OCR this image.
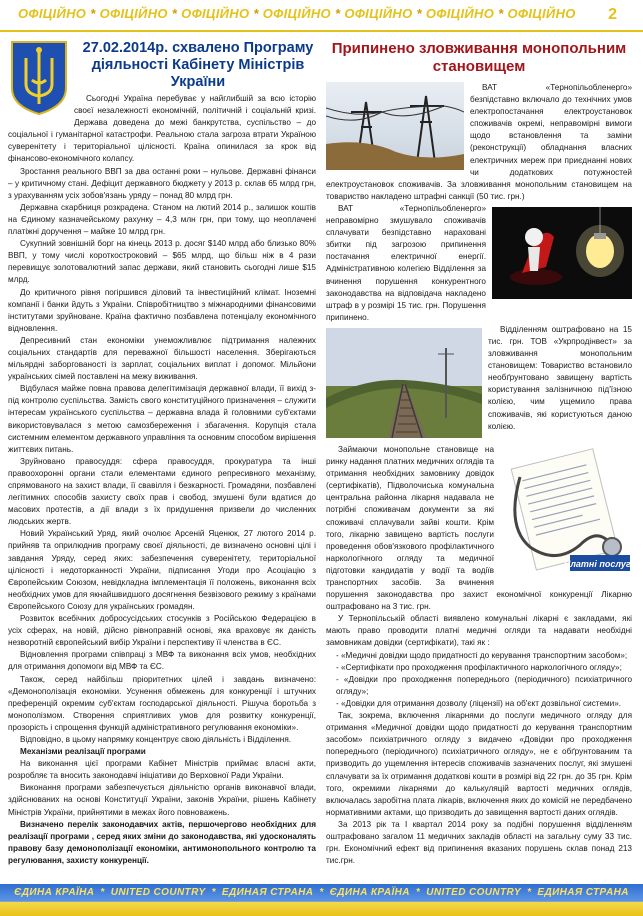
ОФІЦІЙНО * ОФІЦІЙНО * ОФІЦІЙНО * ОФІЦІЙНО * ОФІЦІЙНО * ОФІЦІЙНО * ОФІЦІЙНО 2
27.02.2014р. схвалено Програму діяльності Кабінету Міністрів України

Сьогодні Україна перебуває у найглибшій за всю історію своєї незалежності економічній, політичній і соціальній кризі. Держава доведена до межі банкрутства, суспільство – до соціальної і гуманітарної катастрофи. Реальною стала загроза втрати Україною суверенітету і територіальної цілісності. Країна опинилася за крок від фінансово-економічного колапсу.

Зростання реального ВВП за два останні роки – нульове. Державні фінанси – у критичному стані. Дефіцит державного бюджету у 2013 р. склав 65 млрд грн, з урахуванням усіх зобов'язань уряду – понад 80 млрд грн.

Державна скарбниця розкрадена. Станом на лютий 2014 р., залишок коштів на Єдиному казначейському рахунку – 4,3 млн грн, при тому, що неоплачені платіжні доручення – майже 10 млрд грн.

Сукупний зовнішній борг на кінець 2013 р. досяг $140 млрд або близько 80% ВВП, у тому числі короткостроковий – $65 млрд, що більш ніж в 4 рази перевищує золотовалютний запас держави, який становить сьогодні лише $15 млрд.

До критичного рівня погіршився діловий та інвестиційний клімат. Іноземні компанії і банки йдуть з України. Співробітництво з міжнародними фінансовими інститутами зруйноване. Країна фактично позбавлена потенціалу економічного відновлення.

Депресивний стан економіки унеможливлює підтримання належних соціальних стандартів для переважної більшості населення. Зберігаються мільярдні заборгованості із зарплат, соціальних виплат і допомог. Мільйони українських сімей поставлені на межу виживання.

Відбулася майже повна правова делегітимізація державної влади, її вихід з-під контролю суспільства. Замість свого конституційного призначення – служити інтересам українського суспільства – державна влада й головними суб'єктами використовувалася з метою самозбереження і збагачення. Корупція стала системним елементом державного управління та основним способом вирішення життєвих питань.

Зруйновано правосуддя: сфера правосуддя, прокуратура та інші правоохоронні органи стали елементами єдиного репресивного механізму, спрямованого на захист влади, її свавілля і безкарності. Громадяни, позбавлені легітимних способів захисту своїх прав і свобод, змушені були вдатися до масових протестів, а дії влади з їх придушення призвели до численних людських жертв.

Новий Український Уряд, який очолює Арсеній Яценюк, 27 лютого 2014 р. прийняв та оприлюднив програму своєї діяльності, де визначено основні цілі і завдання Уряду, серед яких: забезпечення суверенітету, територіальної цілісності і недоторканності України, підписання Угоди про Асоціацію з Європейським Союзом, невідкладна імплементація її положень, виконання всіх необхідних умов для якнайшвидшого досягнення безвізового режиму з країнами Європейського Союзу для українських громадян.

Розвиток всебічних добросусідських стосунків з Російською Федерацією в усіх сферах, на новій, дійсно рівноправній основі, яка враховує як даність незворотній європейський вибір України і перспективу її членства в ЄС.

Відновлення програми співпраці з МВФ та виконання всіх умов, необхідних для отримання допомоги від МВФ та ЄС.

Також, серед найбільш пріоритетних цілей і завдань визначено: «Демонополізація економіки. Усунення обмежень для конкуренції і штучних преференцій окремим суб'єктам господарської діяльності. Рішуча боротьба з монополізмом. Створення сприятливих умов для розвитку конкуренції, прозорість і спрощення функцій адміністративного регулювання економіки».

Відповідно, в цьому напрямку концентрує свою діяльність і Відділення.

Механізми реалізації програми

На виконання цієї програми Кабінет Міністрів приймає власні акти, розробляє та вносить законодавчі ініціативи до Верховної Ради України.

Виконання програми забезпечується діяльністю органів виконавчої влади, здійснюваних на основі Конституції України, законів України, рішень Кабінету Міністрів України, прийнятими в межах його повноважень.

Визначено перелік законодавчих актів, першочергово необхідних для реалізації програми , серед яких зміни до законодавства, які удосконалять правову базу демонополізації економіки, антимонопольного контролю та регулювання, захисту конкуренції.

Припинено зловживання монопольним становищем

ВАТ «Тернопільобленерго» безпідставно включало до технічних умов електропостачання електроустановок споживачів окремі, неправомірні вимоги щодо встановлення та заміни (реконструкції) обладнання власних електричних мереж при приєднанні нових чи додаткових потужностей електроустановок споживачів. За зловживання монопольним становищем на товариство накладено штрафні санкції (50 тис. грн.)

ВАТ «Тернопільобленерго» неправомірно змушувало споживачів сплачувати безпідставно нараховані збитки під загрозою припинення постачання електричної енергії. Адміністративною колегією Відділення за вчинення порушення конкурентного законодавства на відповідача накладено штраф в у розмірі 15 тис. грн. Порушення припинено.

Відділенням оштрафовано на 15 тис. грн. ТОВ «Укрпродінвест» за зловживання монопольним становищем: Товариство встановило необґрунтовано завищену вартість користування залізничною під'їзною колією, чим ущемило права споживачів, які користуються даною колією.

Платні послуги

Займаючи монопольне становище на ринку надання платних медичних оглядів та отримання необхідних замовнику довідок (сертифікатів), Підволочиська комунальна центральна районна лікарня надавала не потрібні споживачам документи за які споживачі сплачували зайві кошти. Крім того, лікарню завищено вартість послуги проведення обов'язкового профілактичного наркологічного огляду та медичної підготовки кандидатів у водії та водіїв транспортних засобів. За вчинення порушення законодавства про захист економічної конкуренції Лікарню оштрафовано на 3 тис. грн.

У Тернопільській області виявлено комунальні лікарні є закладами, які мають право проводити платні медичні огляди та надавати необхідні замовникам довідки (сертифікати), такі як :

- «Медичні довідки щодо придатності до керування транспортним засобом»;

- «Сертифікати про проходження профілактичного наркологічного огляду»;

- «Довідки про проходження попереднього (періодичного) психіатричного огляду»;

- «Довідки для отримання дозволу (ліцензії) на об'єкт дозвільної системи».

Так, зокрема, включення лікарнями до послуги медичного огляду для отримання «Медичної довідки щодо придатності до керування транспортним засобом» психіатричного огляду з видачею «Довідки про проходження попереднього (періодичного) психіатричного огляду», не є обґрунтованим та призводить до ущемлення інтересів споживачів зазначених послуг, які змушені сплачувати за їх отримання додаткові кошти в розмірі від 22 грн. до 35 грн. Крім того, окремими лікарнями до калькуляцій вартості медичних оглядів, включалась заробітна плата лікарів, включення яких до комісій не передбачено нормативними актами, що призводить до завищення вартості даних оглядів.

За 2013 рік та I квартал 2014 року за подібні порушення відділенням оштрафовано загалом 11 медичних закладів області на загальну суму 33 тис. грн. Економічний ефект від припинення вказаних порушень склав понад 213 тис.грн.

ЄДИНА КРАЇНА * UNITED COUNTRY * ЕДИНАЯ СТРАНА * ЄДИНА КРАЇНА * UNITED COUNTRY * ЕДИНАЯ СТРАНА
